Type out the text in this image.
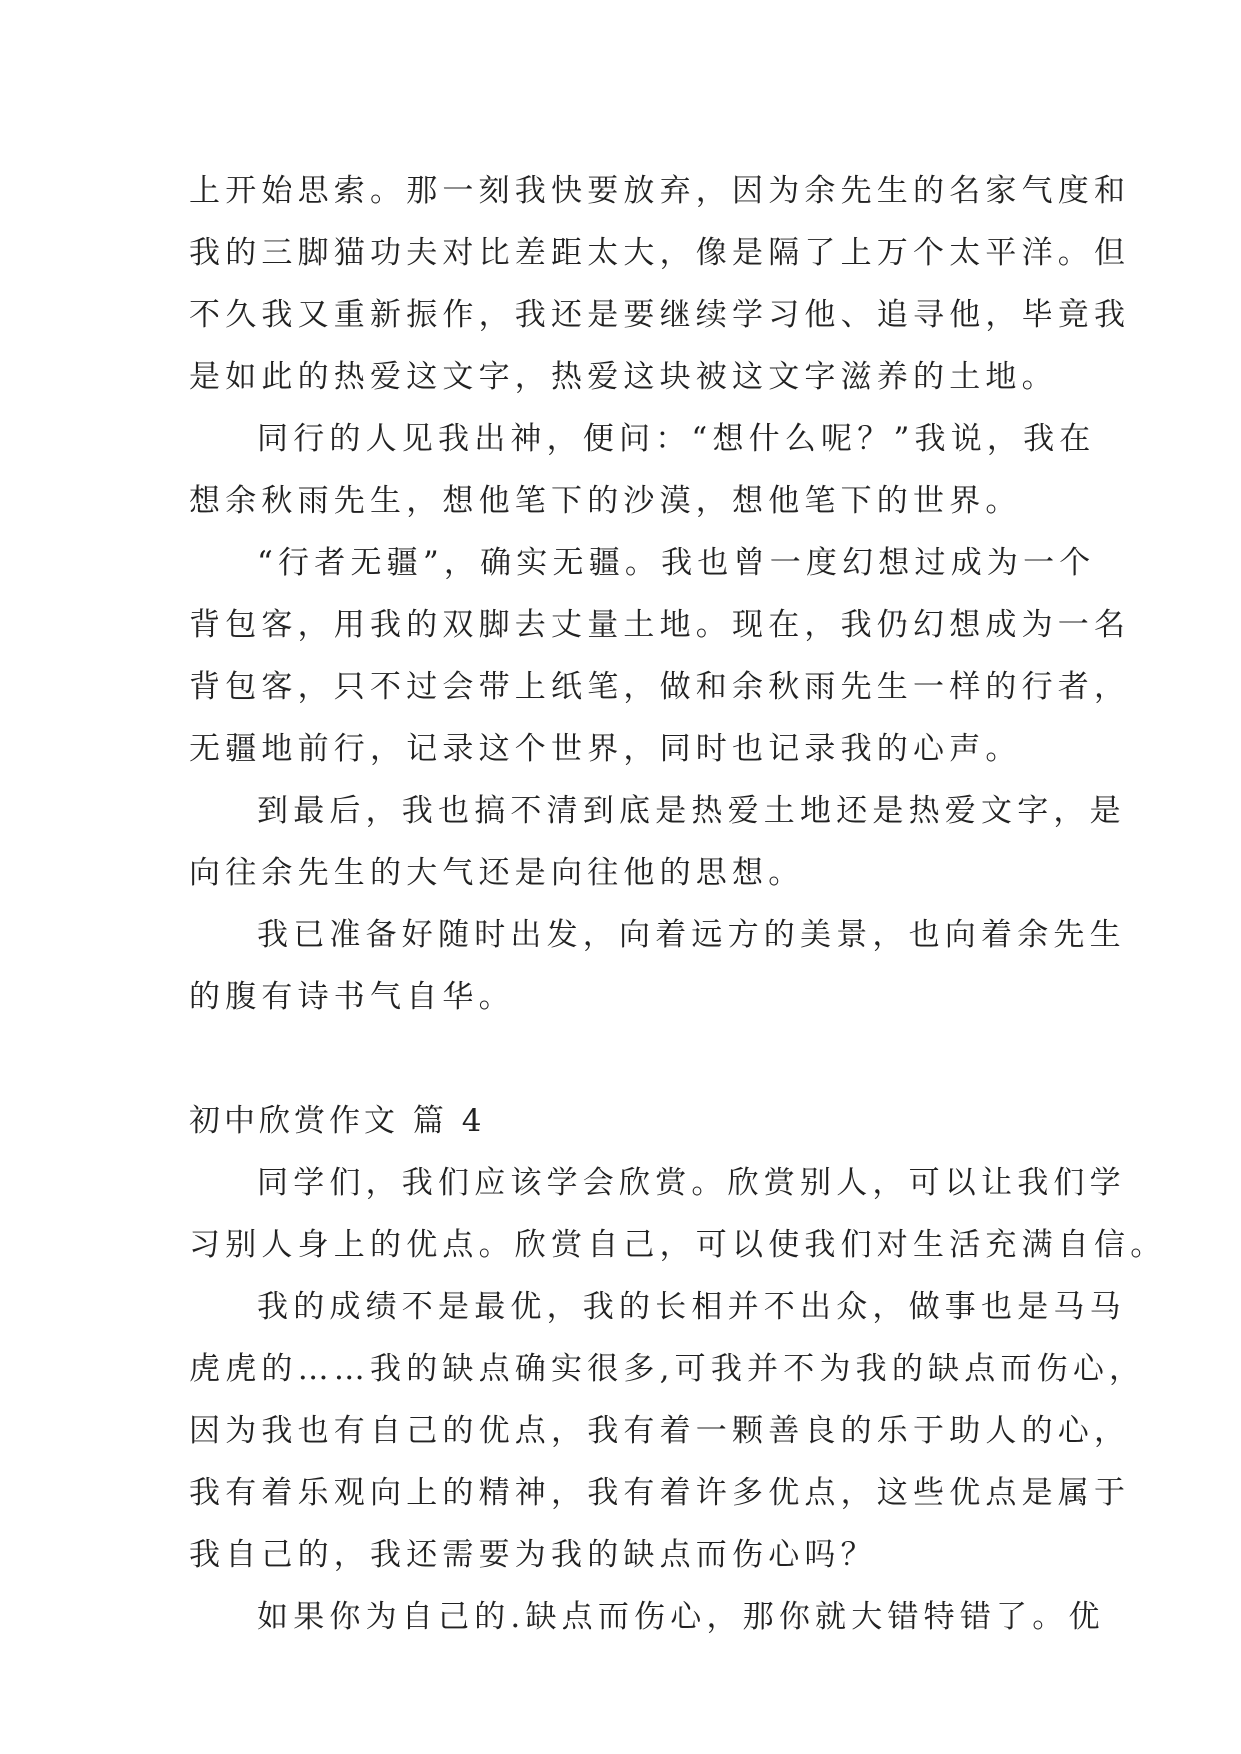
上开始思索。那一刻我快要放弃，因为余先生的名家气度和
我的三脚猫功夫对比差距太大，像是隔了上万个太平洋。但
不久我又重新振作，我还是要继续学习他、追寻他，毕竟我
是如此的热爱这文字，热爱这块被这文字滋养的土地。
同行的人见我出神，便问：“想什么呢？”我说，我在
想余秋雨先生，想他笔下的沙漠，想他笔下的世界。
“行者无疆”，确实无疆。我也曾一度幻想过成为一个
背包客，用我的双脚去丈量土地。现在，我仍幻想成为一名
背包客，只不过会带上纸笔，做和余秋雨先生一样的行者，
无疆地前行，记录这个世界，同时也记录我的心声。
到最后，我也搞不清到底是热爱土地还是热爱文字，是
向往余先生的大气还是向往他的思想。
我已准备好随时出发，向着远方的美景，也向着余先生
的腹有诗书气自华。
初中欣赏作文 篇 4
同学们，我们应该学会欣赏。欣赏别人，可以让我们学
习别人身上的优点。欣赏自己，可以使我们对生活充满自信。
我的成绩不是最优，我的长相并不出众，做事也是马马
虎虎的……我的缺点确实很多,可我并不为我的缺点而伤心，
因为我也有自己的优点，我有着一颗善良的乐于助人的心，
我有着乐观向上的精神，我有着许多优点，这些优点是属于
我自己的，我还需要为我的缺点而伤心吗？
如果你为自己的.缺点而伤心，那你就大错特错了。优
